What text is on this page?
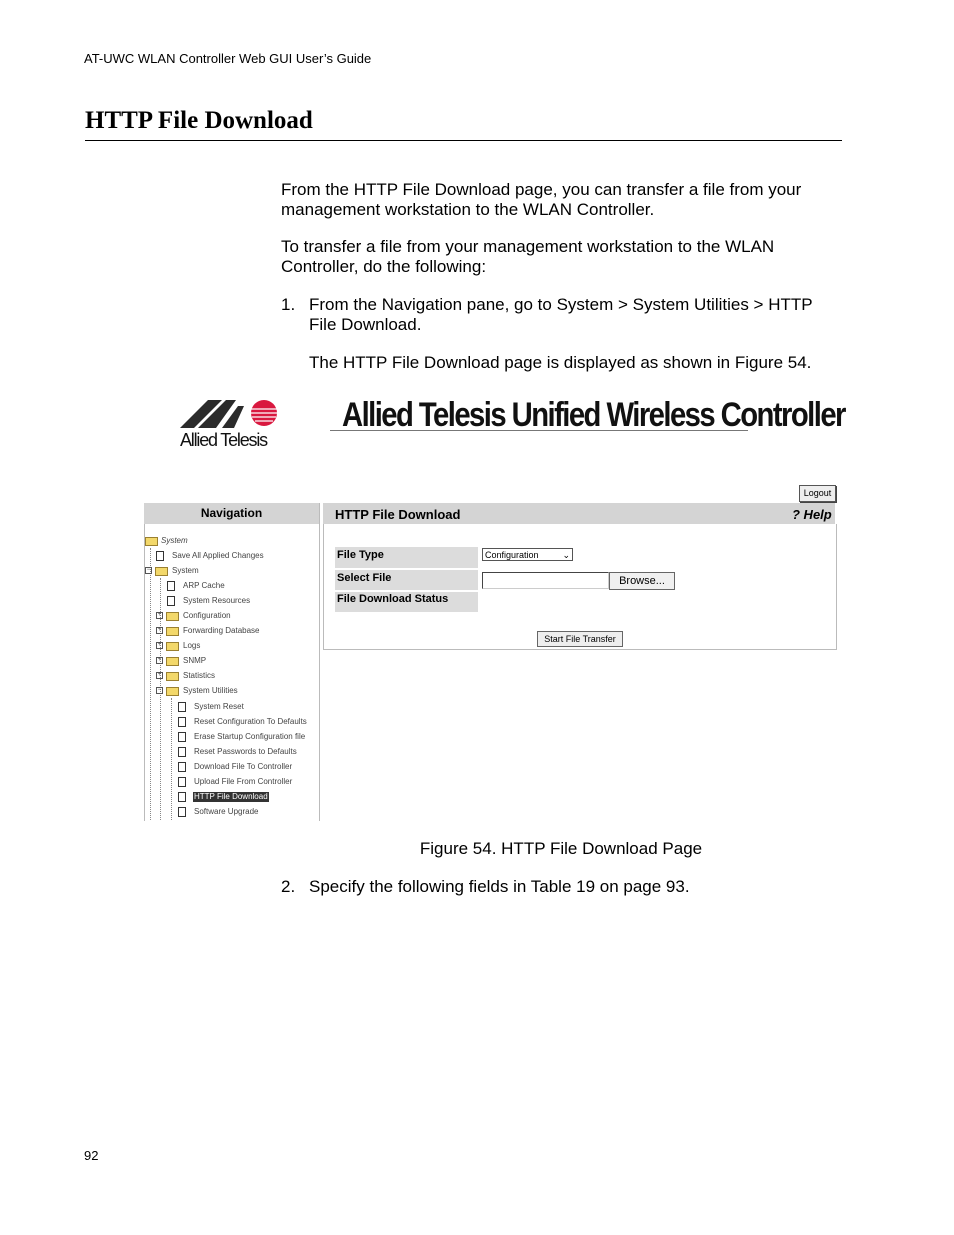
AT-UWC WLAN Controller Web GUI User’s Guide
HTTP File Download
From the HTTP File Download page, you can transfer a file from your management workstation to the WLAN Controller.
To transfer a file from your management workstation to the WLAN Controller, do the following:
1. From the Navigation pane, go to System > System Utilities > HTTP File Download.
The HTTP File Download page is displayed as shown in Figure 54.
Allied Telesis
Allied Telesis Unified Wireless Controller
Logout
Navigation
System
Save All Applied Changes
−	System
ARP Cache
System Resources
+	Configuration
+	Forwarding Database
+	Logs
+	SNMP
+	Statistics
−	System Utilities
System Reset
Reset Configuration To Defaults
Erase Startup Configuration file
Reset Passwords to Defaults
Download File To Controller
Upload File From Controller
HTTP File Download
Software Upgrade
HTTP File Download	? Help
File Type	Configuration	⌄
Select File	Browse...
File Download Status
Start File Transfer
Figure 54. HTTP File Download Page
2. Specify the following fields in Table 19 on page 93.
92
